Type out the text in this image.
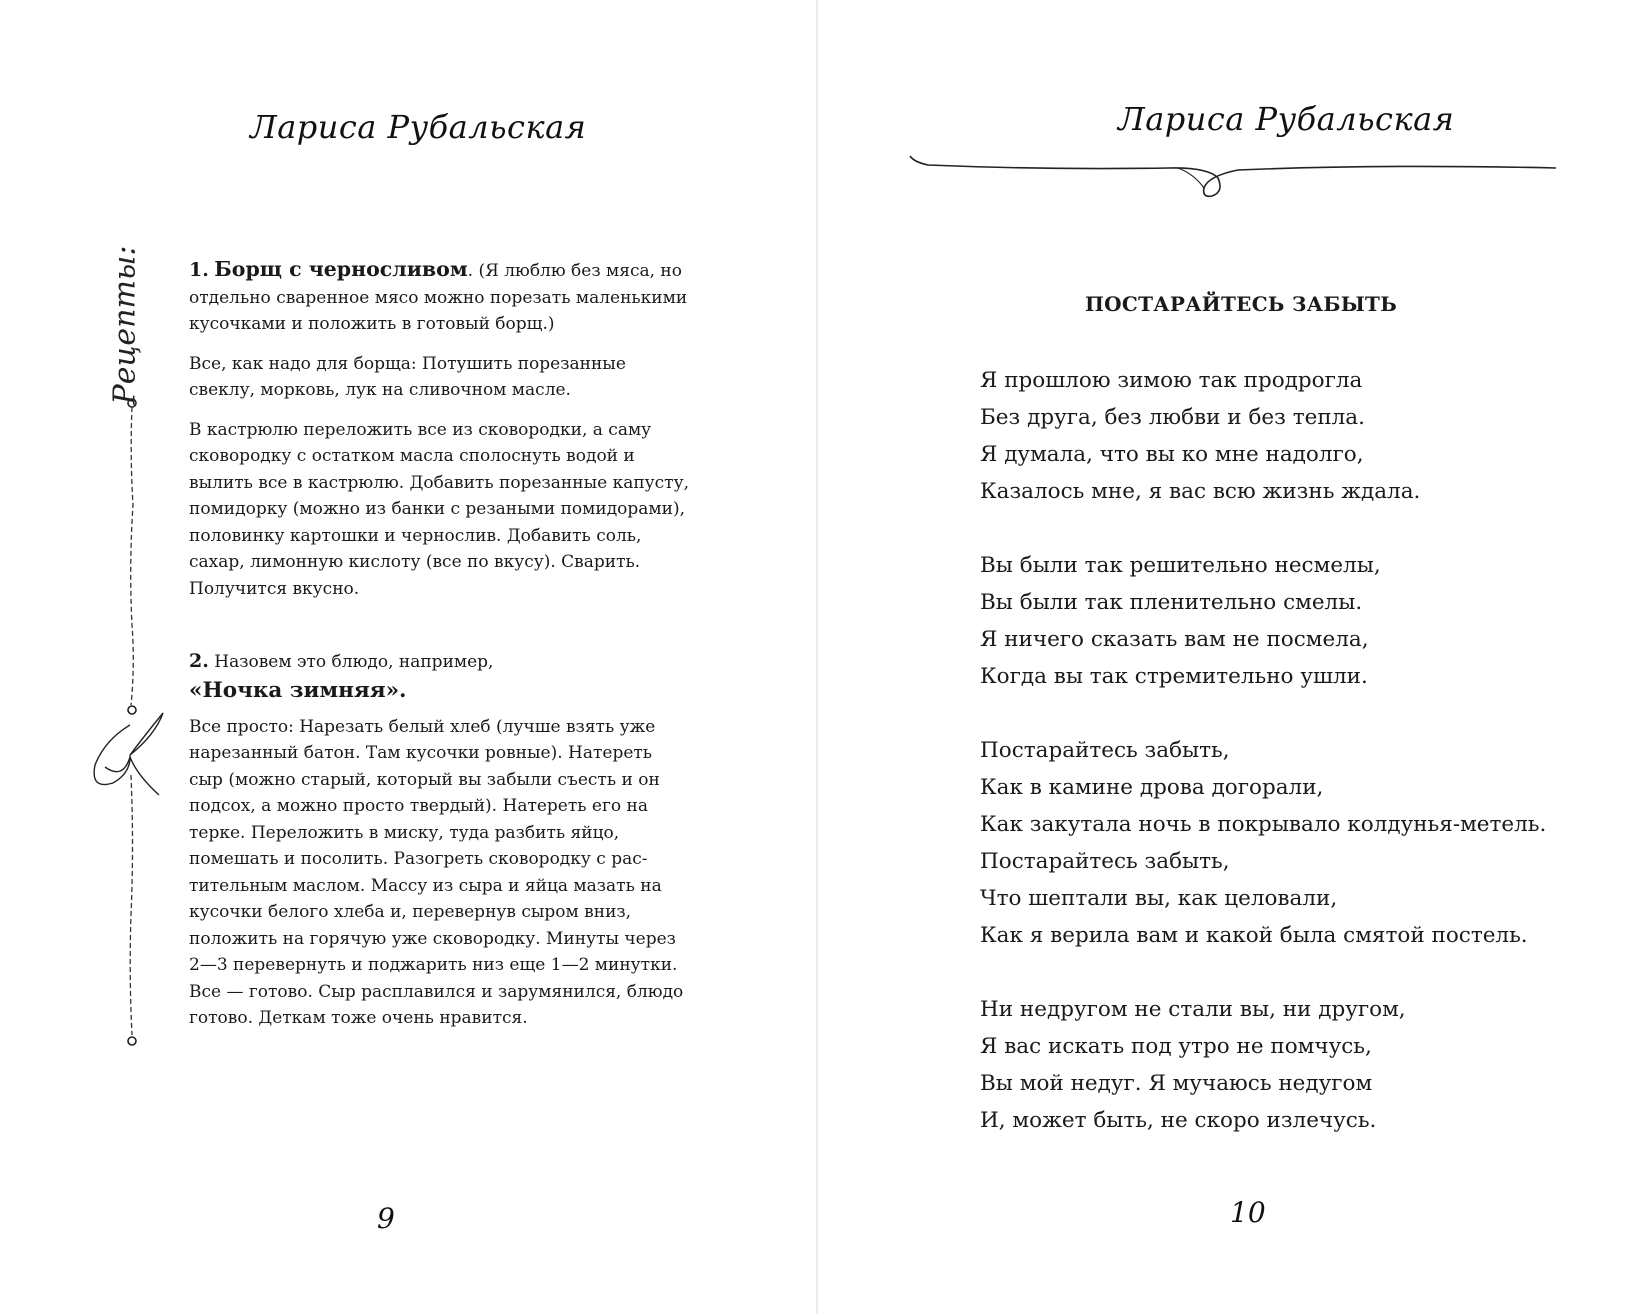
Лариса Рубальская
Рецепты: 1. Борщ с черносливом. (Я люблю без мяса, но отдельно сваренное мясо можно порезать маленькими кусочками и положить в готовый борщ.)

Все, как надо для борща: Потушить порезанные свеклу, морковь, лук на сливочном масле.

В кастрюлю переложить все из сковородки, а саму сковородку с остатком масла сполоснуть водой и вылить все в кастрюлю. Добавить порезанные капусту, помидорку (можно из банки с резаными помидорами), половинку картошки и чернослив. Добавить соль, сахар, лимонную кислоту (все по вкусу). Сварить. Получится вкусно.

2. Назовем это блюдо, например,
«Ночка зимняя».

Все просто: Нарезать белый хлеб (лучше взять уже нарезанный батон. Там кусочки ровные). Натереть сыр (можно старый, который вы забыли съесть и он подсох, а можно просто твердый). Натереть его на терке. Переложить в миску, туда разбить яйцо, помешать и посолить. Разогреть сковородку с растительным маслом. Массу из сыра и яйца мазать на кусочки белого хлеба и, перевернув сыром вниз, положить на горячую уже сковородку. Минуты через 2—3 перевернуть и поджарить низ еще 1—2 минутки. Все — готово. Сыр расплавился и зарумянился, блюдо готово. Деткам тоже очень нравится.

9
Лариса Рубальская
ПОСТАРАЙТЕСЬ ЗАБЫТЬ
Я прошлою зимою так продрогла
Без друга, без любви и без тепла.
Я думала, что вы ко мне надолго,
Казалось мне, я вас всю жизнь ждала.
Вы были так решительно несмелы,
Вы были так пленительно смелы.
Я ничего сказать вам не посмела,
Когда вы так стремительно ушли.
Постарайтесь забыть,
Как в камине дрова догорали,
Как закутала ночь в покрывало колдунья-метель.
Постарайтесь забыть,
Что шептали вы, как целовали,
Как я верила вам и какой была смятой постель.
Ни недругом не стали вы, ни другом,
Я вас искать под утро не помчусь,
Вы мой недуг. Я мучаюсь недугом
И, может быть, не скоро излечусь.
10
